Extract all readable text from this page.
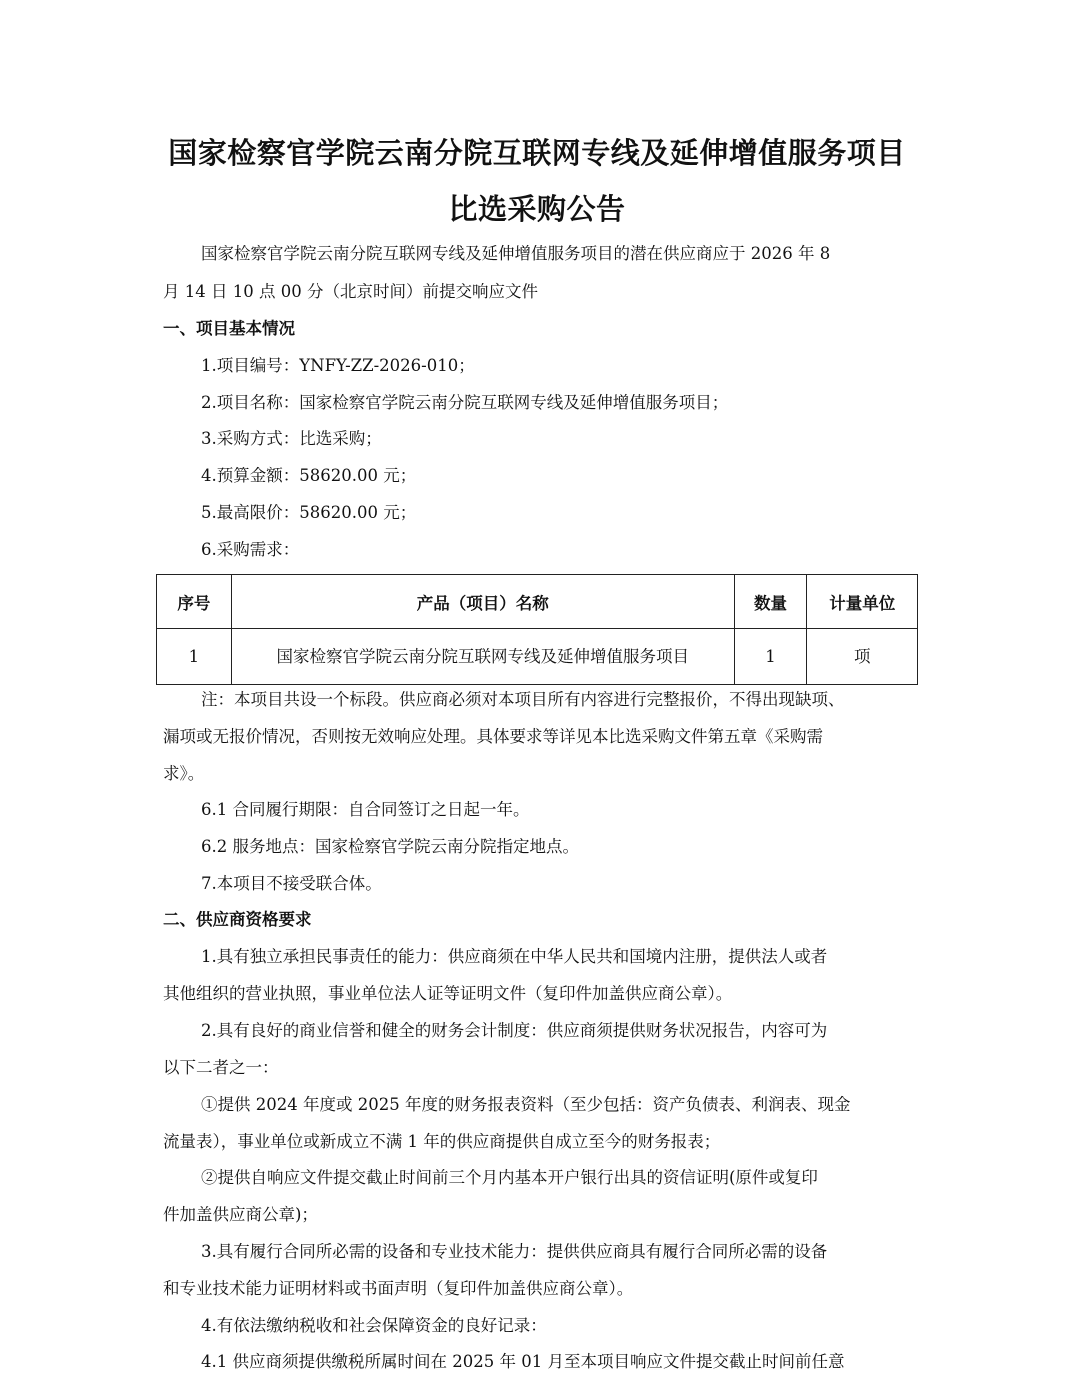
国家检察官学院云南分院互联网专线及延伸增值服务项目
比选采购公告
国家检察官学院云南分院互联网专线及延伸增值服务项目的潜在供应商应于 2026 年 8
月 14 日 10 点 00 分（北京时间）前提交响应文件
一、项目基本情况
1.项目编号：YNFY-ZZ-2026-010；
2.项目名称：国家检察官学院云南分院互联网专线及延伸增值服务项目；
3.采购方式：比选采购；
4.预算金额：58620.00 元；
5.最高限价：58620.00 元；
6.采购需求：
序号	产品（项目）名称	数量	计量单位
1	国家检察官学院云南分院互联网专线及延伸增值服务项目	1	项
注：本项目共设一个标段。供应商必须对本项目所有内容进行完整报价，不得出现缺项、
漏项或无报价情况，否则按无效响应处理。具体要求等详见本比选采购文件第五章《采购需
求》。
6.1 合同履行期限：自合同签订之日起一年。
6.2 服务地点：国家检察官学院云南分院指定地点。
7.本项目不接受联合体。
二、供应商资格要求
1.具有独立承担民事责任的能力：供应商须在中华人民共和国境内注册，提供法人或者
其他组织的营业执照，事业单位法人证等证明文件（复印件加盖供应商公章）。
2.具有良好的商业信誉和健全的财务会计制度：供应商须提供财务状况报告，内容可为
以下二者之一：
①提供 2024 年度或 2025 年度的财务报表资料（至少包括：资产负债表、利润表、现金
流量表），事业单位或新成立不满 1 年的供应商提供自成立至今的财务报表；
②提供自响应文件提交截止时间前三个月内基本开户银行出具的资信证明(原件或复印
件加盖供应商公章)；
3.具有履行合同所必需的设备和专业技术能力：提供供应商具有履行合同所必需的设备
和专业技术能力证明材料或书面声明（复印件加盖供应商公章）。
4.有依法缴纳税收和社会保障资金的良好记录：
4.1 供应商须提供缴税所属时间在 2025 年 01 月至本项目响应文件提交截止时间前任意
